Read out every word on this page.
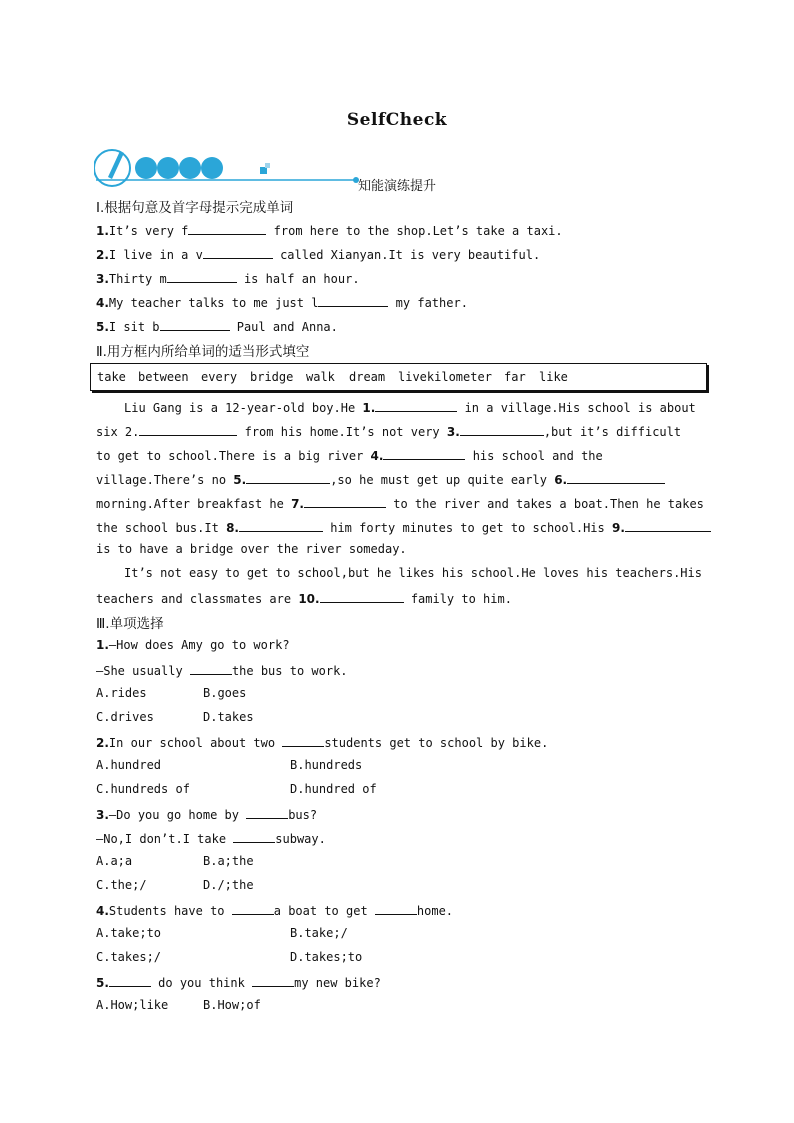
SelfCheck
知能演练提升
Ⅰ.根据句意及首字母提示完成单词
1.It’s very f	from here to the shop.Let’s take a taxi.
2.I live in a v	called Xianyan.It is very beautiful.
3.Thirty m	is half an hour.
4.My teacher talks to me just l	my father.
5.I sit b	Paul and Anna.
Ⅱ.用方框内所给单词的适当形式填空
take between every bridge walk dream livekilometer far like
Liu Gang is a 12-year-old boy.He 1.	in a village.His school is about
six 2.	from his home.It’s not very 3.	,but it’s difficult
to get to school.There is a big river 4.	his school and the
village.There’s no 5.	,so he must get up quite early 6.
morning.After breakfast he 7.	to the river and takes a boat.Then he takes
the school bus.It 8.	him forty minutes to get to school.His 9.
is to have a bridge over the river someday.
It’s not easy to get to school,but he likes his school.He loves his teachers.His
teachers and classmates are 10.	family to him.
Ⅲ.单项选择
1.—How does Amy go to work?
—She usually	the bus to work.
A.rides	B.goes
C.drives	D.takes
2.In our school about two	students get to school by bike.
A.hundred	B.hundreds
C.hundreds of	D.hundred of
3.—Do you go home by	bus?
—No,I don’t.I take	subway.
A.a;a	B.a;the
C.the;/	D./;the
4.Students have to	a boat to get	home.
A.take;to	B.take;/
C.takes;/	D.takes;to
5.	do you think	my new bike?
A.How;like	B.How;of
